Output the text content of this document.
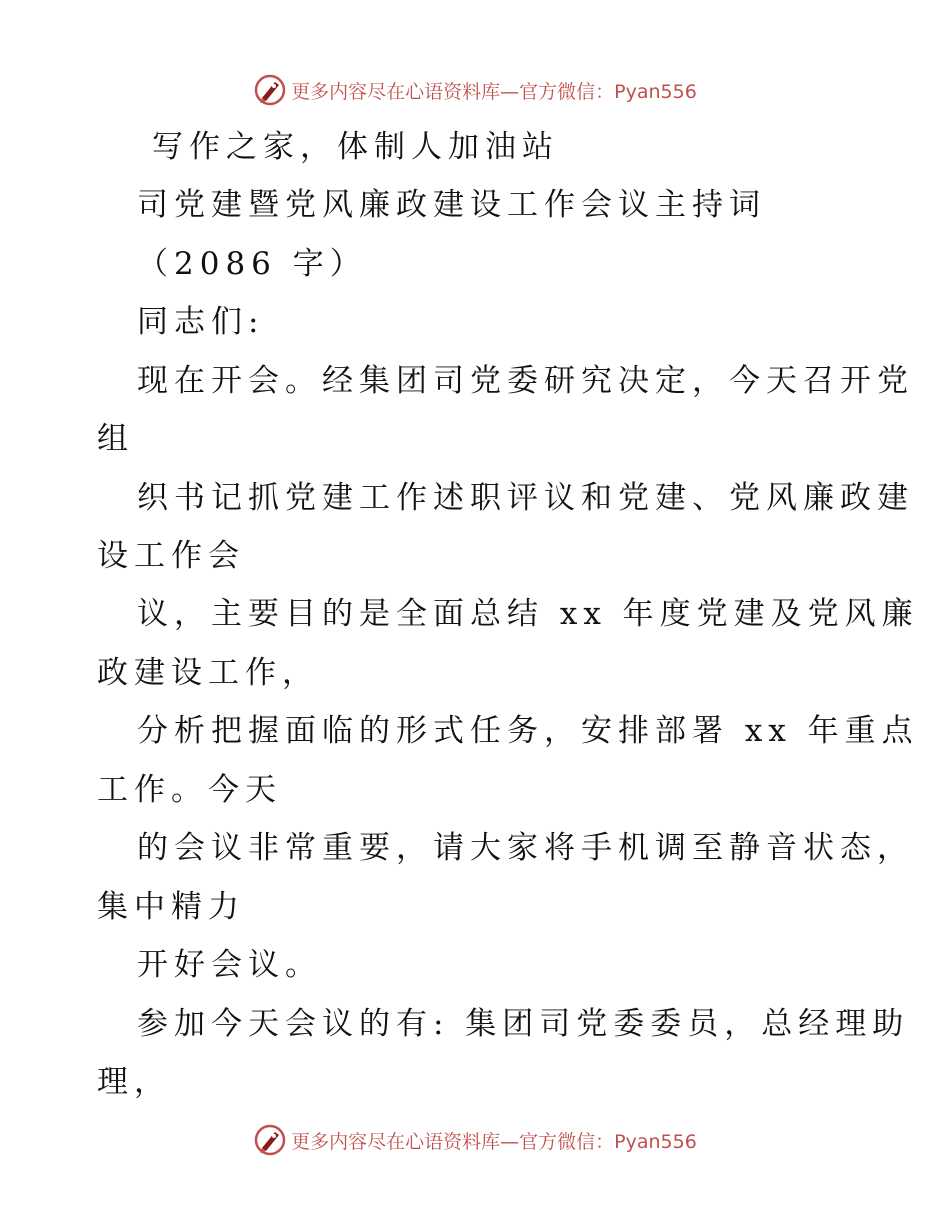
更多内容尽在心语资料库—官方微信：Pyan556
写作之家，体制人加油站
司党建暨党风廉政建设工作会议主持词
（2086 字）
同志们:
现在开会。经集团司党委研究决定，今天召开党
组
织书记抓党建工作述职评议和党建、党风廉政建
设工作会
议，主要目的是全面总结 xx 年度党建及党风廉
政建设工作，
分析把握面临的形式任务，安排部署 xx 年重点
工作。今天
的会议非常重要，请大家将手机调至静音状态，
集中精力
开好会议。
参加今天会议的有: 集团司党委委员，总经理助
理，
更多内容尽在心语资料库—官方微信：Pyan556
